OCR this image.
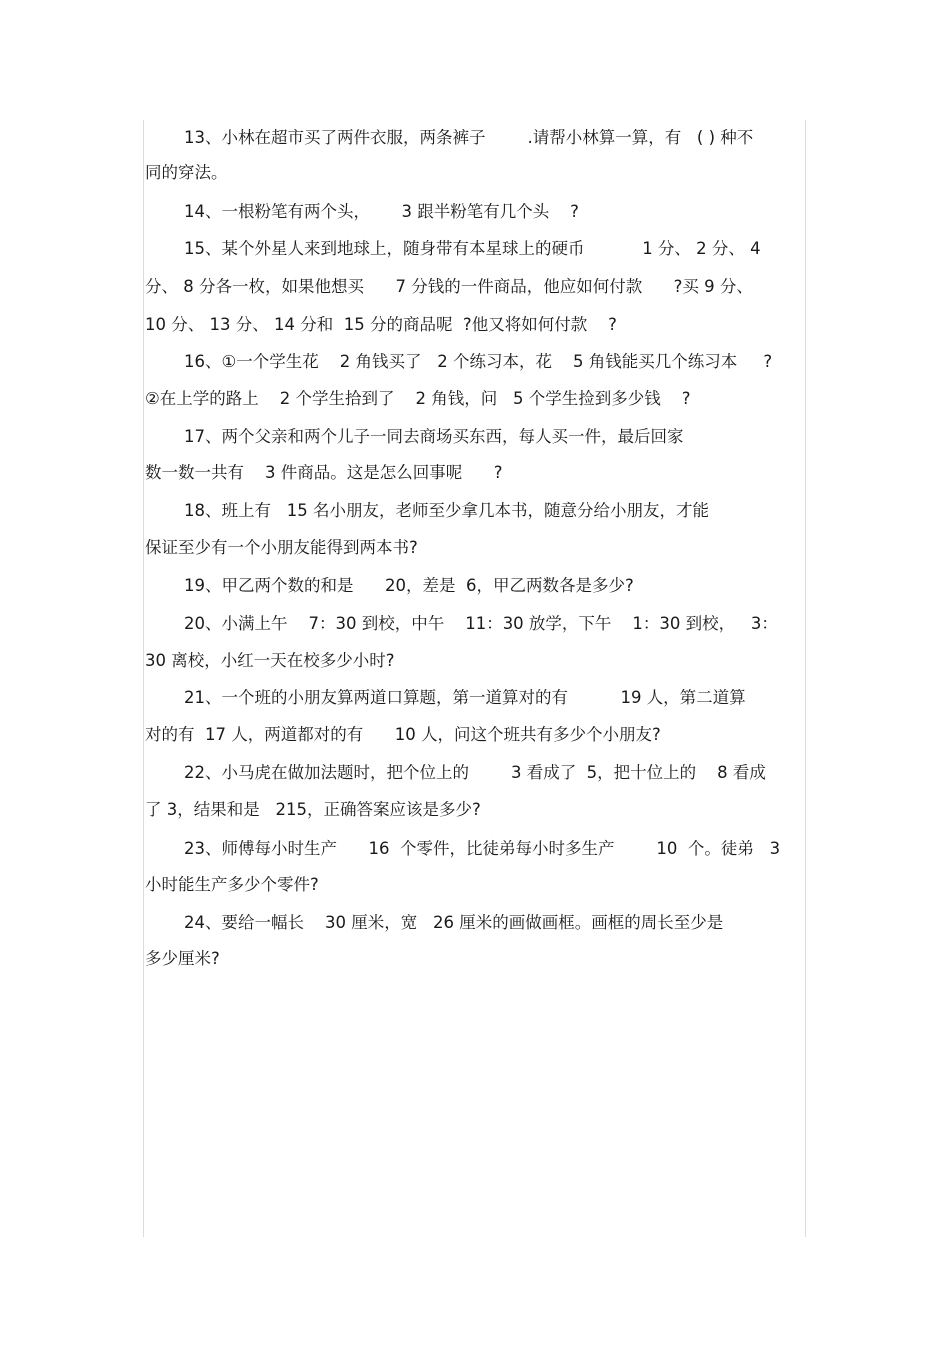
13、小林在超市买了两件衣服，两条裤子        .请帮小林算一算，有   ( ) 种不
同的穿法。
14、一根粉笔有两个头，      3 跟半粉笔有几个头    ?
15、某个外星人来到地球上，随身带有本星球上的硬币           1 分、 2 分、 4
分、 8 分各一枚，如果他想买      7 分钱的一件商品，他应如何付款      ?买 9 分、
10 分、 13 分、 14 分和  15 分的商品呢  ?他又将如何付款    ?
16、①一个学生花    2 角钱买了   2 个练习本，花    5 角钱能买几个练习本     ?
②在上学的路上    2 个学生拾到了    2 角钱，问   5 个学生捡到多少钱    ?
17、两个父亲和两个儿子一同去商场买东西，每人买一件，最后回家
数一数一共有    3 件商品。这是怎么回事呢      ?
18、班上有   15 名小朋友，老师至少拿几本书，随意分给小朋友，才能
保证至少有一个小朋友能得到两本书?
19、甲乙两个数的和是      20，差是  6，甲乙两数各是多少?
20、小满上午    7：30 到校，中午    11：30 放学，下午    1：30 到校，   3：
30 离校，小红一天在校多少小时?
21、一个班的小朋友算两道口算题，第一道算对的有          19 人，第二道算
对的有  17 人，两道都对的有      10 人，问这个班共有多少个小朋友?
22、小马虎在做加法题时，把个位上的        3 看成了  5，把十位上的    8 看成
了 3，结果和是   215，正确答案应该是多少?
23、师傅每小时生产      16  个零件，比徒弟每小时多生产        10  个。徒弟   3
小时能生产多少个零件?
24、要给一幅长    30 厘米，宽   26 厘米的画做画框。画框的周长至少是
多少厘米?
